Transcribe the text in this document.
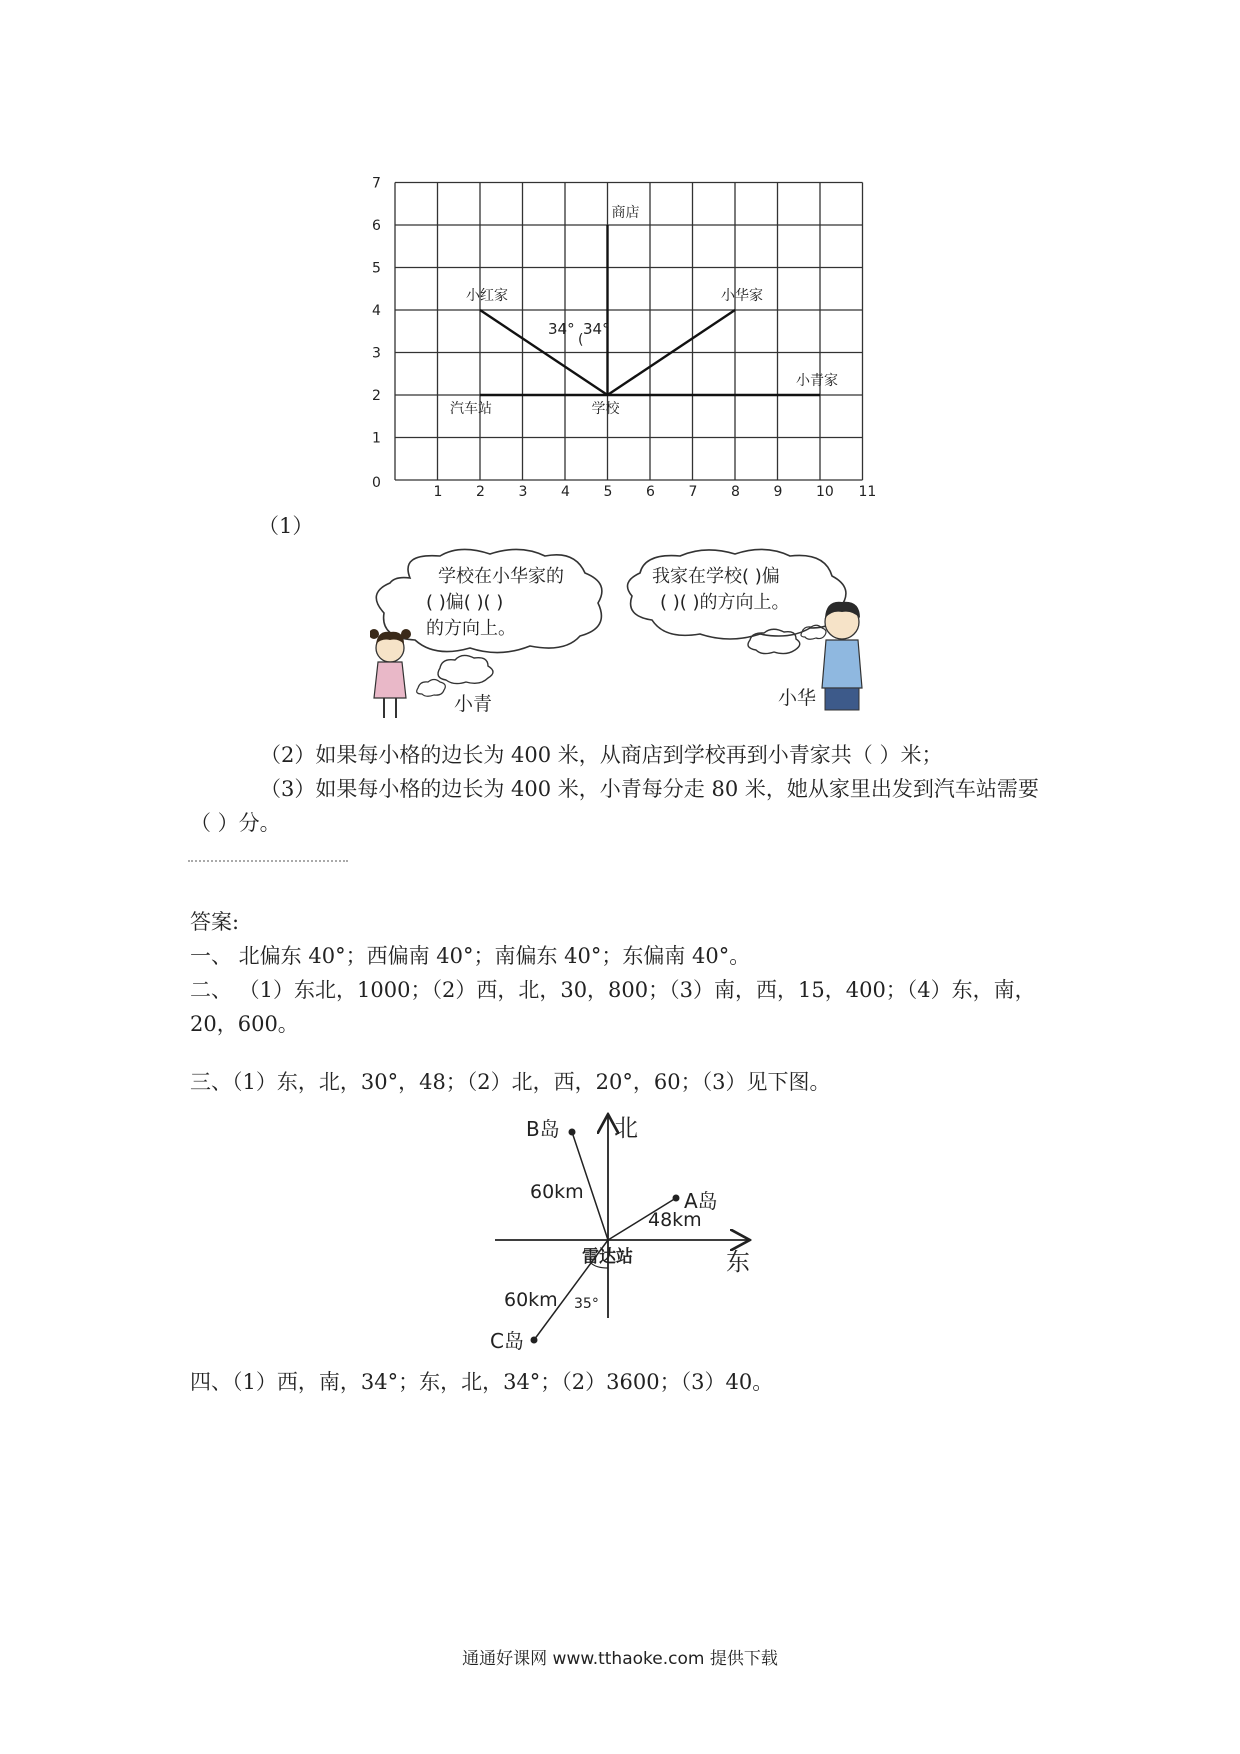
0
1
2
3
4
5
6
7
1 2 3 4 5 6 7 8 9 10 11
商店
小红家	小华家
小青家
汽车站	学校
34° 34°
(
（1）
学校在小华家的
( )偏( )( )
的方向上。
我家在学校( )偏
( )( )的方向上。
小青	小华
（2）如果每小格的边长为 400 米，从商店到学校再到小青家共（ ）米；
（3）如果每小格的边长为 400 米，小青每分走 80 米，她从家里出发到汽车站需要
（ ）分。
答案:
一、 北偏东 40°；西偏南 40°；南偏东 40°；东偏南 40°。
二、 （1）东北，1000；（2）西，北，30，800；（3）南，西，15，400；（4）东，南，
20，600。
三、（1）东，北，30°，48；（2）北，西，20°，60；（3）见下图。
北
东
雷达站
B岛
A岛
C岛
60km
48km
60km 35°
四、（1）西，南，34°；东，北，34°；（2）3600；（3）40。
通通好课网 www.tthaoke.com 提供下载
